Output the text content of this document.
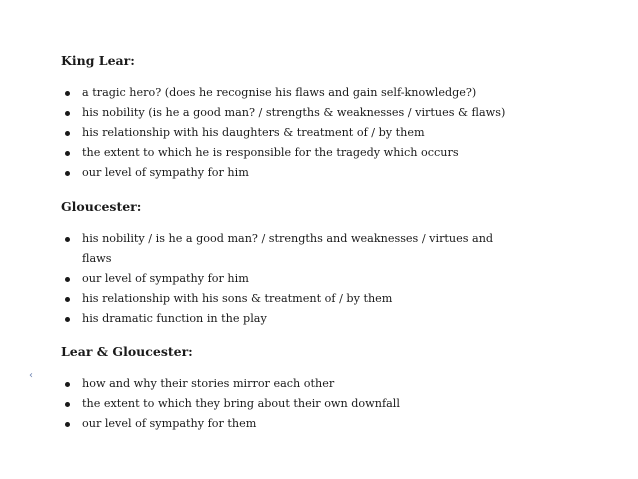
King Lear:
a tragic hero? (does he recognise his flaws and gain self-knowledge?)
his nobility (is he a good man? / strengths & weaknesses / virtues & flaws)
his relationship with his daughters & treatment of / by them
the extent to which he is responsible for the tragedy which occurs
our level of sympathy for him
Gloucester:
his nobility / is he a good man? / strengths and weaknesses / virtues and flaws
our level of sympathy for him
his relationship with his sons & treatment of / by them
his dramatic function in the play
Lear & Gloucester:
‹
how and why their stories mirror each other
the extent to which they bring about their own downfall
our level of sympathy for them
